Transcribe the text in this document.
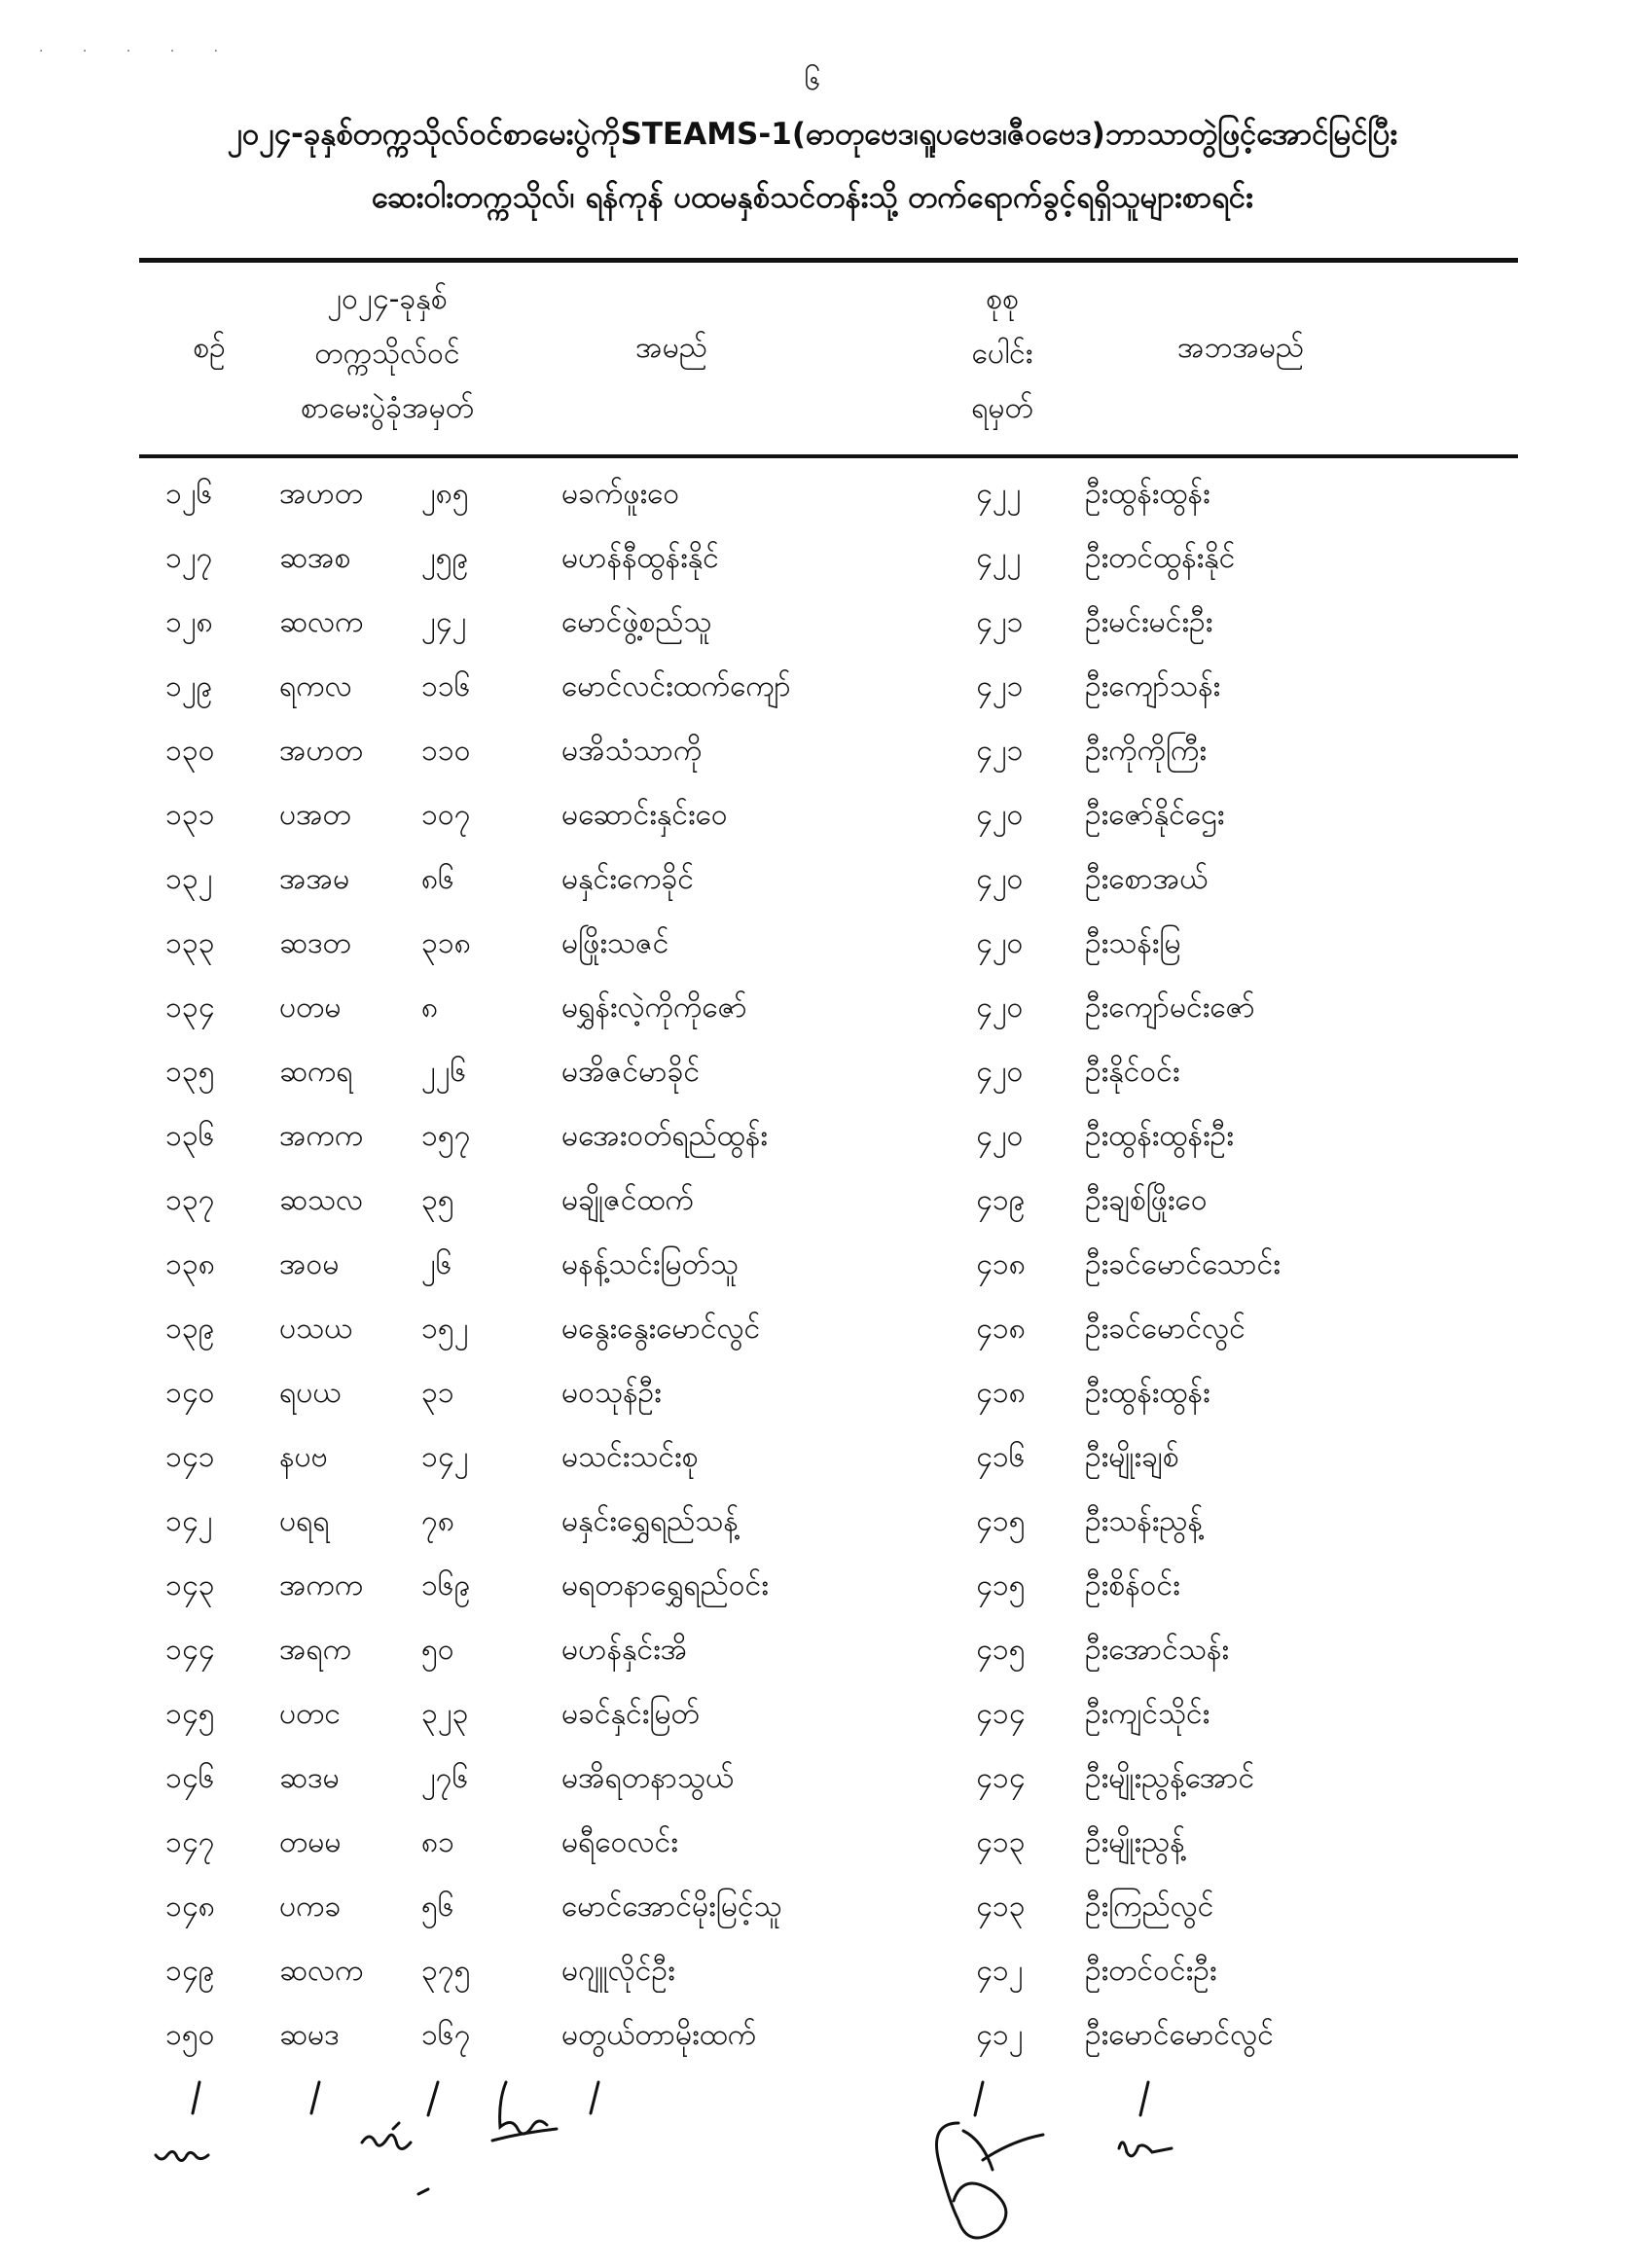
· · · · ·
၆
၂၀၂၄-ခုနှစ်တက္ကသိုလ်ဝင်စာမေးပွဲကိုSTEAMS-1(ဓာတုဗေဒ၊ရူပဗေဒ၊ဇီဝဗေဒ)ဘာသာတွဲဖြင့်အောင်မြင်ပြီး
ဆေးဝါးတက္ကသိုလ်၊ ရန်ကုန် ပထမနှစ်သင်တန်းသို့ တက်ရောက်ခွင့်ရရှိသူများစာရင်း
စဉ်
၂၀၂၄-ခုနှစ်
တက္ကသိုလ်ဝင်
စာမေးပွဲခုံအမှတ်
အမည်
စုစု
ပေါင်း
ရမှတ်
အဘအမည်
၁၂၆ အဟတ ၂၈၅	မခက်ဖူးဝေ	၄၂၂ ဦးထွန်းထွန်း
၁၂၇ ဆအစ ၂၅၉	မဟန်နီထွန်းနိုင်	၄၂၂ ဦးတင်ထွန်းနိုင်
၁၂၈ ဆလက ၂၄၂	မောင်ဖွဲ့စည်သူ	၄၂၁ ဦးမင်းမင်းဦး
၁၂၉ ရကလ ၁၁၆	မောင်လင်းထက်ကျော်	၄၂၁ ဦးကျော်သန်း
၁၃၀ အဟတ ၁၁၀	မအိသံသာကို	၄၂၁ ဦးကိုကိုကြီး
၁၃၁ ပအတ ၁၀၇	မဆောင်းနှင်းဝေ	၄၂၀ ဦးဇော်နိုင်ဌေး
၁၃၂ အအမ ၈၆	မနှင်းကေခိုင်	၄၂၀ ဦးစောအယ်
၁၃၃ ဆဒတ ၃၁၈	မဖြိုးသဇင်	၄၂၀ ဦးသန်းမြ
၁၃၄ ပတမ	၈	မရွှန်းလဲ့ကိုကိုဇော်	၄၂၀ ဦးကျော်မင်းဇော်
၁၃၅ ဆကရ ၂၂၆	မအိဇင်မာခိုင်	၄၂၀ ဦးနိုင်ဝင်း
၁၃၆ အကက ၁၅၇	မအေးဝတ်ရည်ထွန်း	၄၂၀ ဦးထွန်းထွန်းဦး
၁၃၇ ဆသလ ၃၅	မချိုဇင်ထက်	၄၁၉ ဦးချစ်ဖြိုးဝေ
၁၃၈ အဝမ	၂၆	မနန့်သင်းမြတ်သူ	၄၁၈ ဦးခင်မောင်သောင်း
၁၃၉ ပသယ ၁၅၂	မနွေးနွေးမောင်လွင်	၄၁၈ ဦးခင်မောင်လွင်
၁၄၀ ရပယ	၃၁	မဝသုန်ဦး	၄၁၈ ဦးထွန်းထွန်း
၁၄၁ နပဗ	၁၄၂	မသင်းသင်းစု	၄၁၆ ဦးမျိုးချစ်
၁၄၂ ပရရ	၇၈	မနှင်းရွှေရည်သန့်	၄၁၅ ဦးသန်းညွန့်
၁၄၃ အကက ၁၆၉	မရတနာရွှေရည်ဝင်း	၄၁၅ ဦးစိန်ဝင်း
၁၄၄ အရက ၅၀	မဟန်နှင်းအိ	၄၁၅ ဦးအောင်သန်း
၁၄၅ ပတင	၃၂၃	မခင်နှင်းမြတ်	၄၁၄ ဦးကျင်သိုင်း
၁၄၆ ဆဒမ	၂၇၆	မအိရတနာသွယ်	၄၁၄ ဦးမျိုးညွန့်အောင်
၁၄၇ တမမ	၈၁	မရီဝေလင်း	၄၁၃ ဦးမျိုးညွန့်
၁၄၈ ပကခ	၅၆	မောင်အောင်မိုးမြင့်သူ	၄၁၃ ဦးကြည်လွင်
၁၄၉ ဆလက ၃၇၅	မဂျူလိုင်ဦး	၄၁၂ ဦးတင်ဝင်းဦး
၁၅၀ ဆမဒ	၁၆၇	မတွယ်တာမိုးထက်	၄၁၂ ဦးမောင်မောင်လွင်
